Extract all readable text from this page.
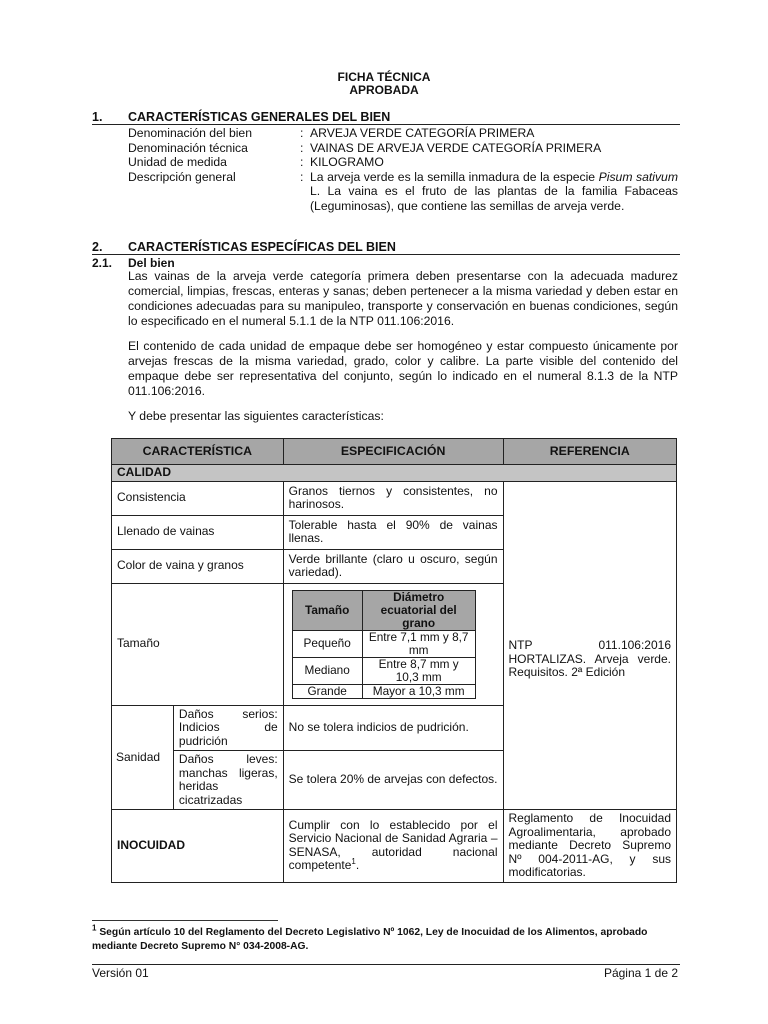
FICHA TÉCNICA
APROBADA
1. CARACTERÍSTICAS GENERALES DEL BIEN
Denominación del bien	: ARVEJA VERDE CATEGORÍA PRIMERA
Denominación técnica	: VAINAS DE ARVEJA VERDE CATEGORÍA PRIMERA
Unidad de medida	: KILOGRAMO
Descripción general	: La arveja verde es la semilla inmadura de la especie Pisum sativum L. La vaina es el fruto de las plantas de la familia Fabaceas (Leguminosas), que contiene las semillas de arveja verde.
2. CARACTERÍSTICAS ESPECÍFICAS DEL BIEN
2.1. Del bien
Las vainas de la arveja verde categoría primera deben presentarse con la adecuada madurez comercial, limpias, frescas, enteras y sanas; deben pertenecer a la misma variedad y deben estar en condiciones adecuadas para su manipuleo, transporte y conservación en buenas condiciones, según lo especificado en el numeral 5.1.1 de la NTP 011.106:2016.
El contenido de cada unidad de empaque debe ser homogéneo y estar compuesto únicamente por arvejas frescas de la misma variedad, grado, color y calibre. La parte visible del contenido del empaque debe ser representativa del conjunto, según lo indicado en el numeral 8.1.3 de la NTP 011.106:2016.
Y debe presentar las siguientes características:
CARACTERÍSTICA	ESPECIFICACIÓN	REFERENCIA
CALIDAD
Consistencia	Granos tiernos y consistentes, no harinosos.	NTP 011.106:2016 HORTALIZAS. Arveja verde. Requisitos. 2ª Edición
Llenado de vainas	Tolerable hasta el 90% de vainas llenas.
Color de vaina y granos	Verde brillante (claro u oscuro, según variedad).
Tamaño	
Tamaño	Diámetro ecuatorial del grano
Pequeño	Entre 7,1 mm y 8,7 mm
Mediano	Entre 8,7 mm y 10,3 mm
Grande	Mayor a 10,3 mm

Sanidad	Daños serios: Indicios de pudrición	No se tolera indicios de pudrición.
Daños leves: manchas ligeras, heridas cicatrizadas	Se tolera 20% de arvejas con defectos.
INOCUIDAD	Cumplir con lo establecido por el Servicio Nacional de Sanidad Agraria – SENASA, autoridad nacional competente$^1$.	Reglamento de Inocuidad Agroalimentaria, aprobado mediante Decreto Supremo Nº 004-2011-AG, y sus modificatorias.
$^1$ Según artículo 10 del Reglamento del Decreto Legislativo Nº 1062, Ley de Inocuidad de los Alimentos, aprobado mediante Decreto Supremo N° 034-2008-AG.
Versión 01	Página 1 de 2
